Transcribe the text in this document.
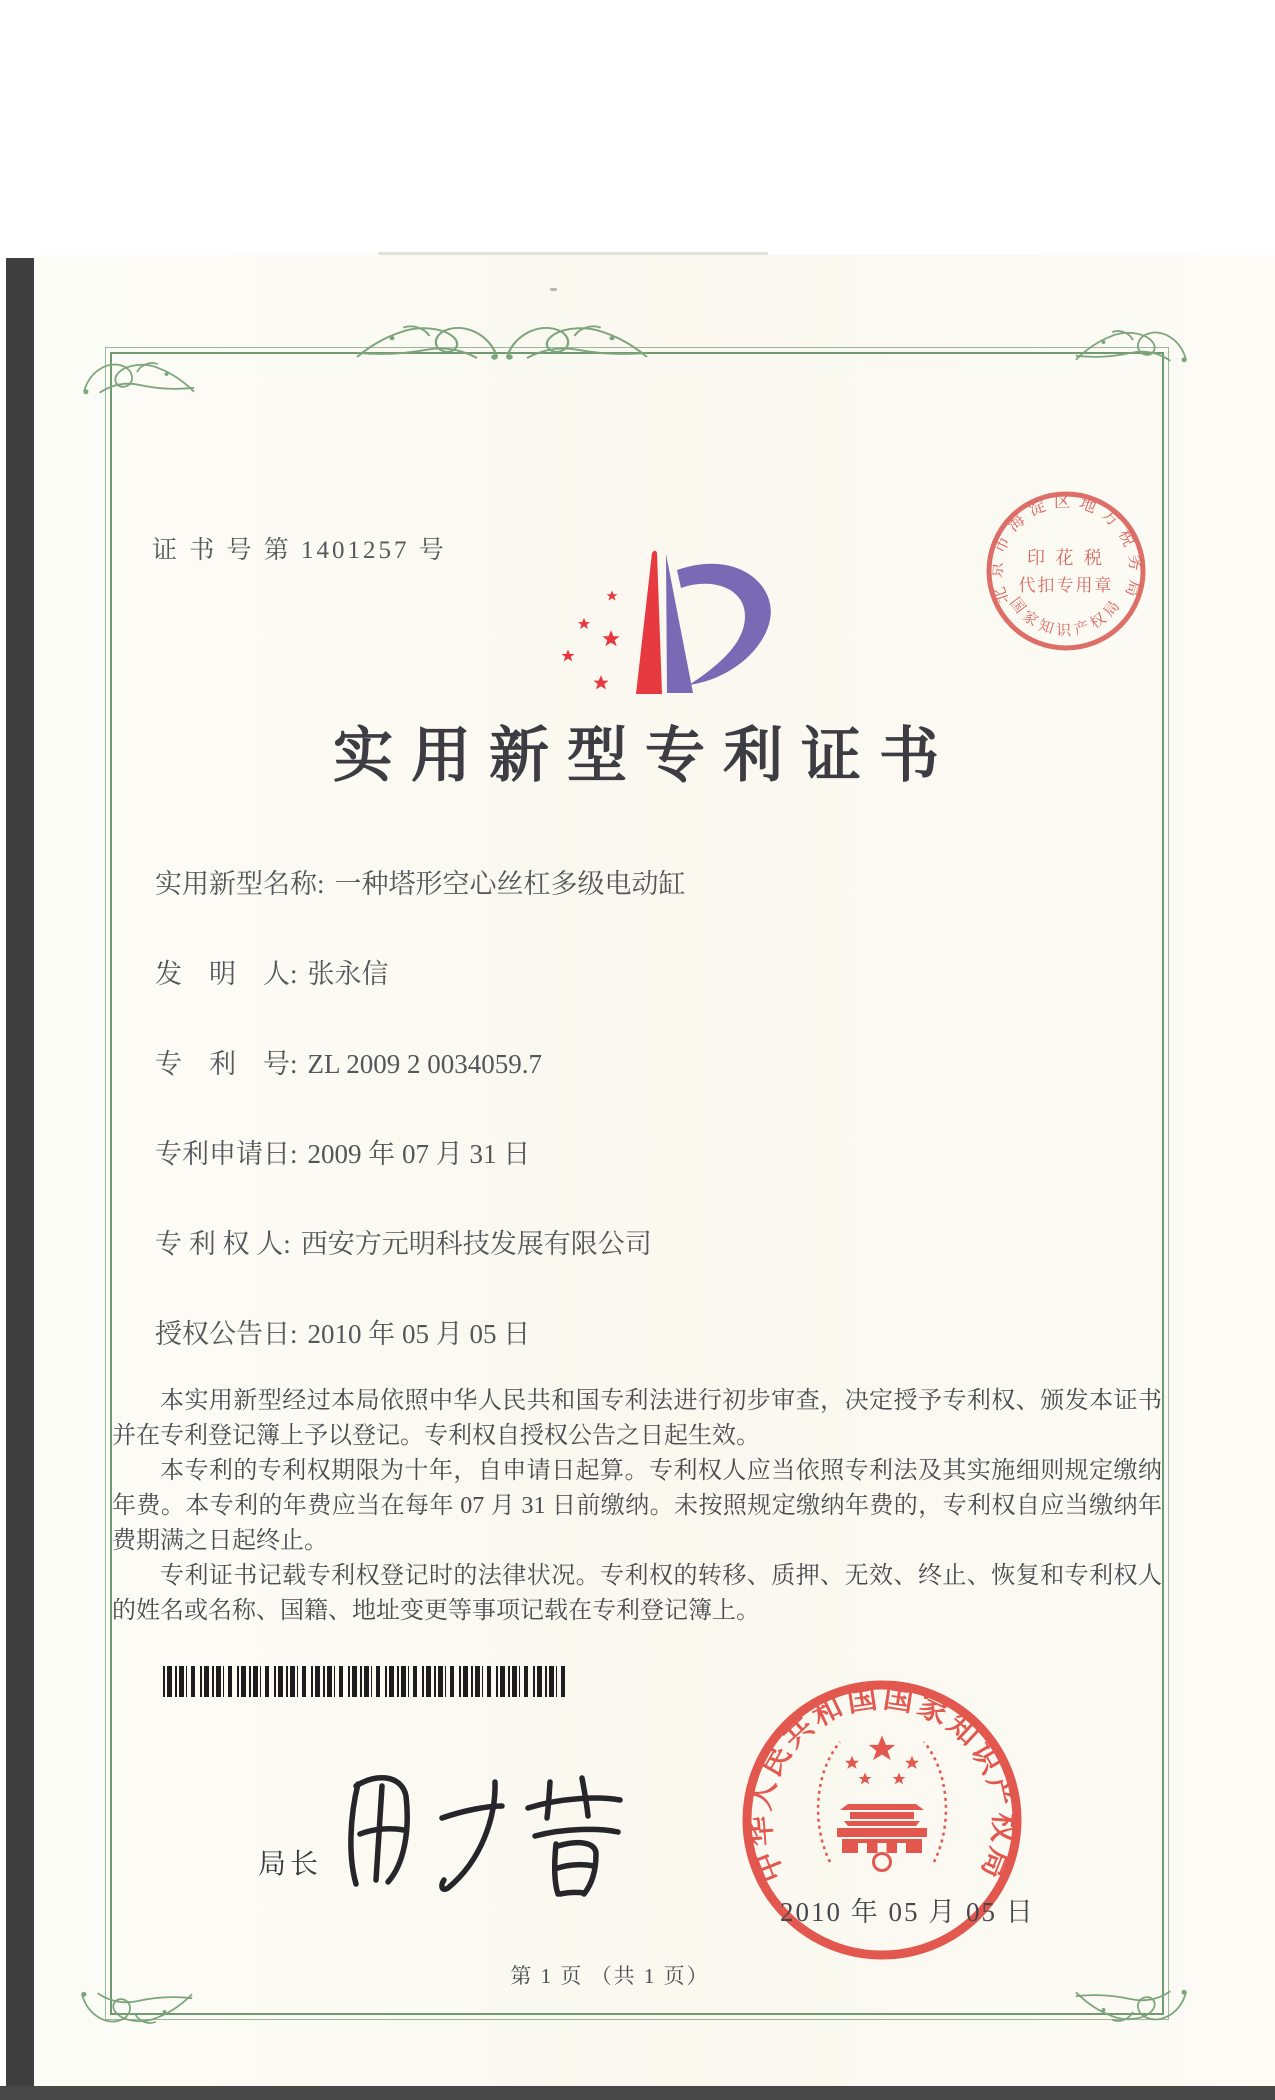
证 书 号 第 1401257 号
北京市海淀区地方税务局
国家知识产权局
印 花 税
代扣专用章
实用新型专利证书
实用新型名称: 一种塔形空心丝杠多级电动缸
发　明　人: 张永信
专　利　号: ZL 2009 2 0034059.7
专利申请日: 2009 年 07 月 31 日
专 利 权 人: 西安方元明科技发展有限公司
授权公告日: 2010 年 05 月 05 日

本实用新型经过本局依照中华人民共和国专利法进行初步审查，决定授予专利权、颁发本证书并在专利登记簿上予以登记。专利权自授权公告之日起生效。

本专利的专利权期限为十年，自申请日起算。专利权人应当依照专利法及其实施细则规定缴纳年费。本专利的年费应当在每年 07 月 31 日前缴纳。未按照规定缴纳年费的，专利权自应当缴纳年费期满之日起终止。

专利证书记载专利权登记时的法律状况。专利权的转移、质押、无效、终止、恢复和专利权人的姓名或名称、国籍、地址变更等事项记载在专利登记簿上。

局长	中华人民共和国国家知识产权局
2010 年 05 月 05 日
第 1 页 （共 1 页）
